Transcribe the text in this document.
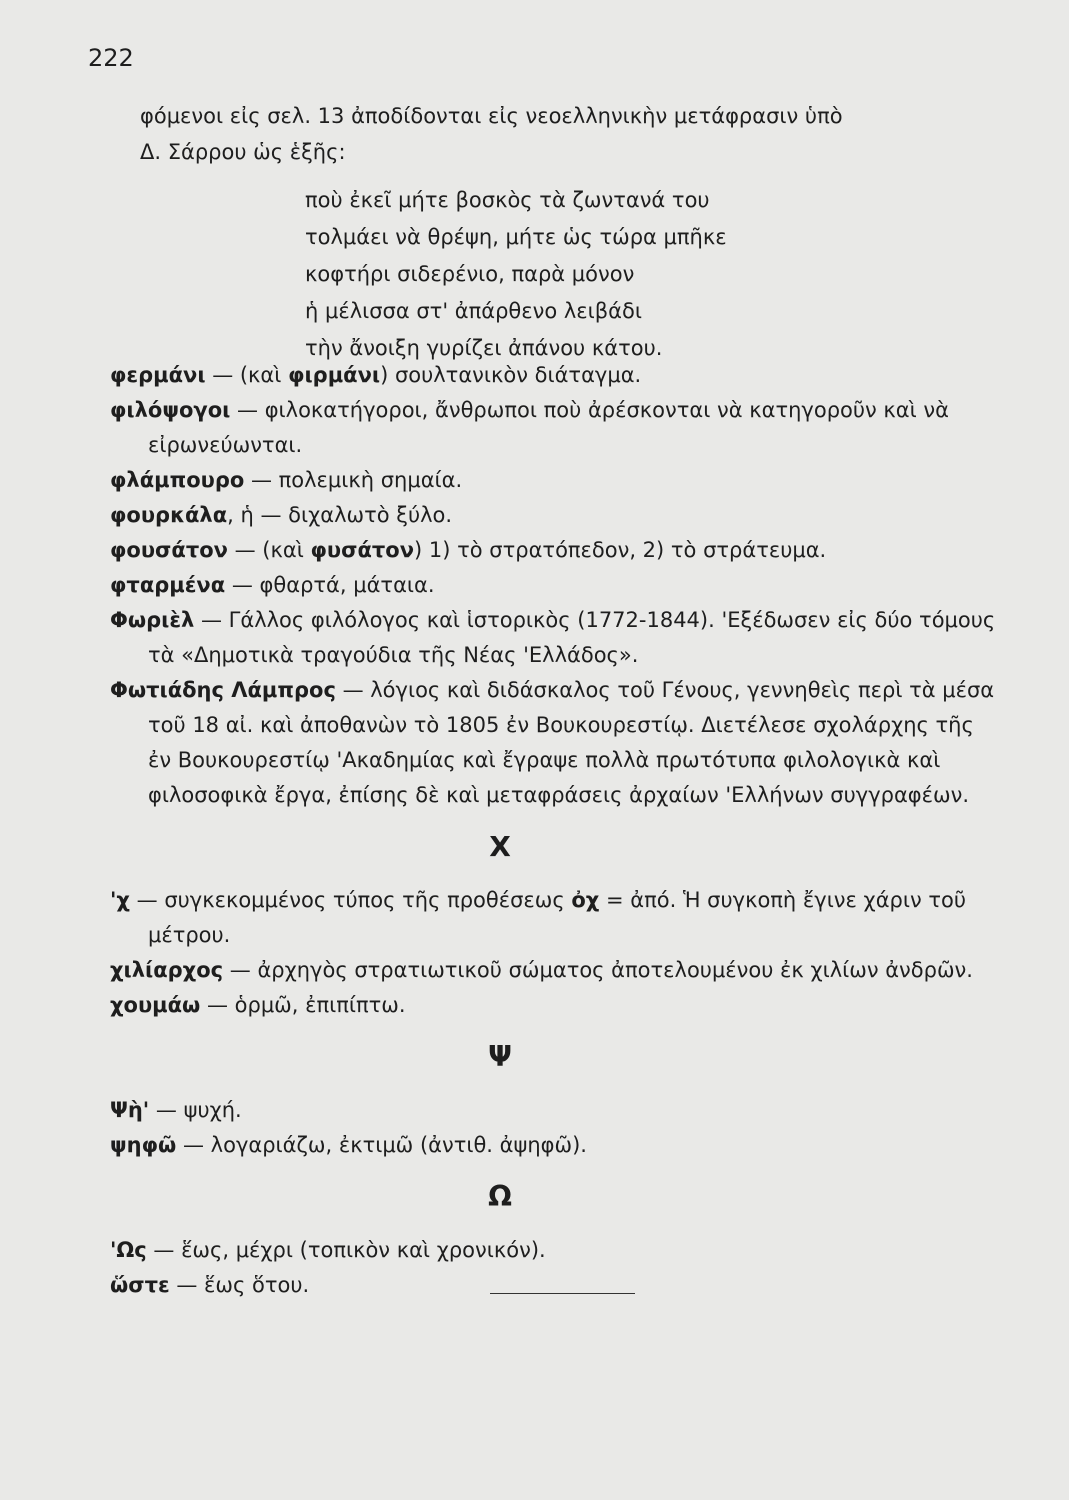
222
φόμενοι εἰς σελ. 13 ἀποδίδονται εἰς νεοελληνικὴν μετάφρασιν ὑπὸ
Δ. Σάρρου ὡς ἑξῆς:
ποὺ ἐκεῖ μήτε βοσκὸς τὰ ζωντανά του
τολμάει νὰ θρέψη, μήτε ὡς τώρα μπῆκε
κοφτήρι σιδερένιο, παρὰ μόνον
ἡ μέλισσα στ' ἀπάρθενο λειβάδι
τὴν ἄνοιξη γυρίζει ἀπάνου κάτου.
φερμάνι — (καὶ φιρμάνι) σουλτανικὸν διάταγμα.
φιλόψογοι — φιλοκατήγοροι, ἄνθρωποι ποὺ ἀρέσκονται νὰ κατηγοροῦν καὶ νὰ εἰρωνεύωνται.
φλάμπουρο — πολεμικὴ σημαία.
φουρκάλα, ἡ — διχαλωτὸ ξύλο.
φουσάτον — (καὶ φυσάτον) 1) τὸ στρατόπεδον, 2) τὸ στράτευμα.
φταρμένα — φθαρτά, μάταια.
Φωριὲλ — Γάλλος φιλόλογος καὶ ἱστορικὸς (1772-1844). 'Εξέδωσεν εἰς δύο τόμους τὰ «Δημοτικὰ τραγούδια τῆς Νέας 'Ελλάδος».
Φωτιάδης Λάμπρος — λόγιος καὶ διδάσκαλος τοῦ Γένους, γεννηθεὶς περὶ τὰ μέσα τοῦ 18 αἰ. καὶ ἀποθανὼν τὸ 1805 ἐν Βουκουρεστίῳ. Διετέλεσε σχολάρχης τῆς ἐν Βουκουρεστίῳ 'Ακαδημίας καὶ ἔγραψε πολλὰ πρωτότυπα φιλολογικὰ καὶ φιλοσοφικὰ ἔργα, ἐπίσης δὲ καὶ μεταφράσεις ἀρχαίων 'Ελλήνων συγγραφέων.
X
'χ — συγκεκομμένος τύπος τῆς προθέσεως ὀχ = ἀπό. Ἡ συγκοπὴ ἔγινε χάριν τοῦ μέτρου.
χιλίαρχος — ἀρχηγὸς στρατιωτικοῦ σώματος ἀποτελουμένου ἐκ χιλίων ἀνδρῶν.
χουμάω — ὁρμῶ, ἐπιπίπτω.
Ψ
Ψὴ' — ψυχή.
ψηφῶ — λογαριάζω, ἐκτιμῶ (ἀντιθ. ἀψηφῶ).
Ω
'Ως — ἕως, μέχρι (τοπικὸν καὶ χρονικόν).
ὥστε — ἕως ὅτου.
